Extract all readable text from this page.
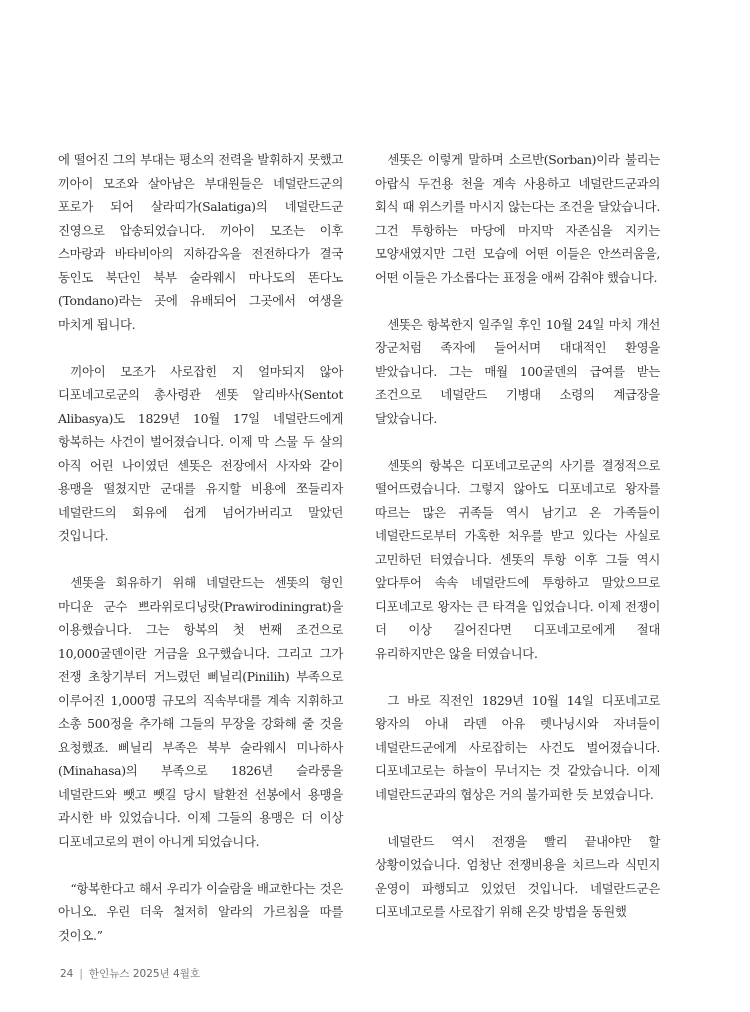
에 떨어진 그의 부대는 평소의 전력을 발휘하지 못했고 끼아이 모조와 살아남은 부대원들은 네덜란드군의 포로가 되어 살라띠가(Salatiga)의 네덜란드군 진영으로 압송되었습니다. 끼아이 모조는 이후 스마랑과 바타비아의 지하감옥을 전전하다가 결국 동인도 북단인 북부 술라웨시 마나도의 똔다노(Tondano)라는 곳에 유배되어 그곳에서 여생을 마치게 됩니다.

끼아이 모조가 사로잡힌 지 얼마되지 않아 디포네고로군의 총사령관 센똣 알리바사(Sentot Alibasya)도 1829년 10월 17일 네덜란드에게 항복하는 사건이 벌어졌습니다. 이제 막 스물 두 살의 아직 어린 나이였던 센똣은 전장에서 사자와 같이 용맹을 떨쳤지만 군대를 유지할 비용에 쪼들리자 네덜란드의 회유에 쉽게 넘어가버리고 말았던 것입니다.

센똣을 회유하기 위해 네덜란드는 센똣의 형인 마디운 군수 쁘라위로디닝랏(Prawirodiningrat)을 이용했습니다. 그는 항복의 첫 번째 조건으로 10,000굴덴이란 거금을 요구했습니다. 그리고 그가 전쟁 초창기부터 거느렸던 삐닐리(Pinilih) 부족으로 이루어진 1,000명 규모의 직속부대를 계속 지휘하고 소총 500정을 추가해 그들의 무장을 강화해 줄 것을 요청했죠. 삐닐리 부족은 북부 술라웨시 미나하사(Minahasa)의 부족으로 1826년 슬라룽을 네덜란드와 뺏고 뺏길 당시 탈환전 선봉에서 용맹을 과시한 바 있었습니다. 이제 그들의 용맹은 더 이상 디포네고로의 편이 아니게 되었습니다.

“항복한다고 해서 우리가 이슬람을 배교한다는 것은 아니오. 우린 더욱 철저히 알라의 가르침을 따를 것이오.”

센똣은 이렇게 말하며 소르반(Sorban)이라 불리는 아랍식 두건용 천을 계속 사용하고 네덜란드군과의 회식 때 위스키를 마시지 않는다는 조건을 달았습니다. 그건 투항하는 마당에 마지막 자존심을 지키는 모양새였지만 그런 모습에 어떤 이들은 안쓰러움을, 어떤 이들은 가소롭다는 표정을 애써 감춰야 했습니다.

센똣은 항복한지 일주일 후인 10월 24일 마치 개선 장군처럼 족자에 들어서며 대대적인 환영을 받았습니다. 그는 매월 100굴덴의 급여를 받는 조건으로 네덜란드 기병대 소령의 계급장을 달았습니다.

센똣의 항복은 디포네고로군의 사기를 결정적으로 떨어뜨렸습니다. 그렇지 않아도 디포네고로 왕자를 따르는 많은 귀족들 역시 남기고 온 가족들이 네덜란드로부터 가혹한 처우를 받고 있다는 사실로 고민하던 터였습니다. 센똣의 투항 이후 그들 역시 앞다투어 속속 네덜란드에 투항하고 말았으므로 디포네고로 왕자는 큰 타격을 입었습니다. 이제 전쟁이 더 이상 길어진다면 디포네고로에게 절대 유리하지만은 않을 터였습니다.

그 바로 직전인 1829년 10월 14일 디포네고로 왕자의 아내 라덴 아유 렛나닝시와 자녀들이 네덜란드군에게 사로잡히는 사건도 벌어졌습니다. 디포네고로는 하늘이 무너지는 것 같았습니다. 이제 네덜란드군과의 협상은 거의 불가피한 듯 보였습니다.

네덜란드 역시 전쟁을 빨리 끝내야만 할 상황이었습니다. 엄청난 전쟁비용을 치르느라 식민지 운영이 파행되고 있었던 것입니다. 네덜란드군은 디포네고로를 사로잡기 위해 온갖 방법을 동원했

24 | 한인뉴스 2025년 4월호
